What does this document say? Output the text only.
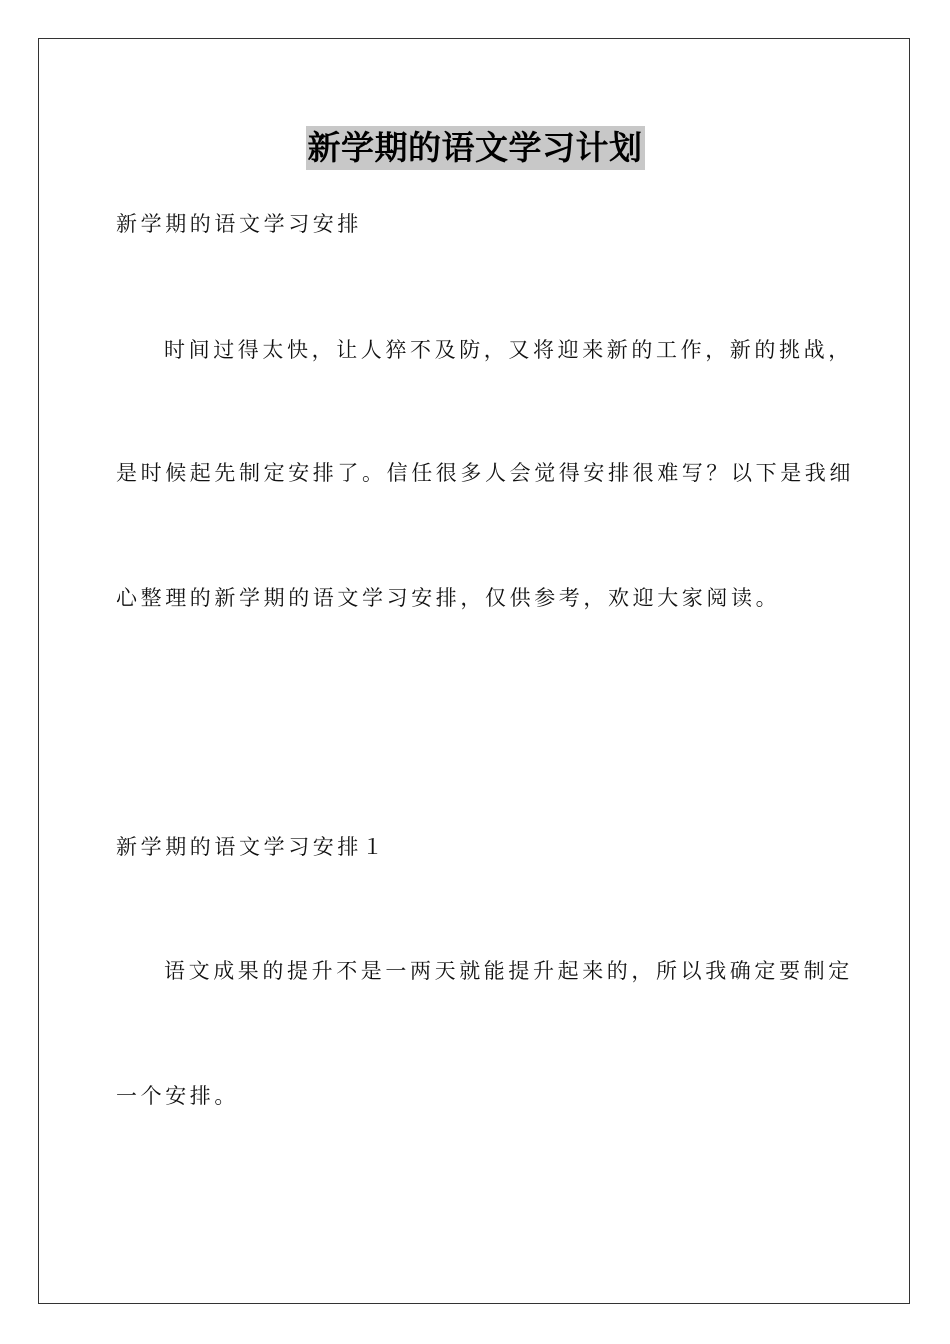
新学期的语文学习计划
新学期的语文学习安排
时间过得太快，让人猝不及防，又将迎来新的工作，新的挑战，
是时候起先制定安排了。信任很多人会觉得安排很难写？以下是我细
心整理的新学期的语文学习安排，仅供参考，欢迎大家阅读。
新学期的语文学习安排１
语文成果的提升不是一两天就能提升起来的，所以我确定要制定
一个安排。
